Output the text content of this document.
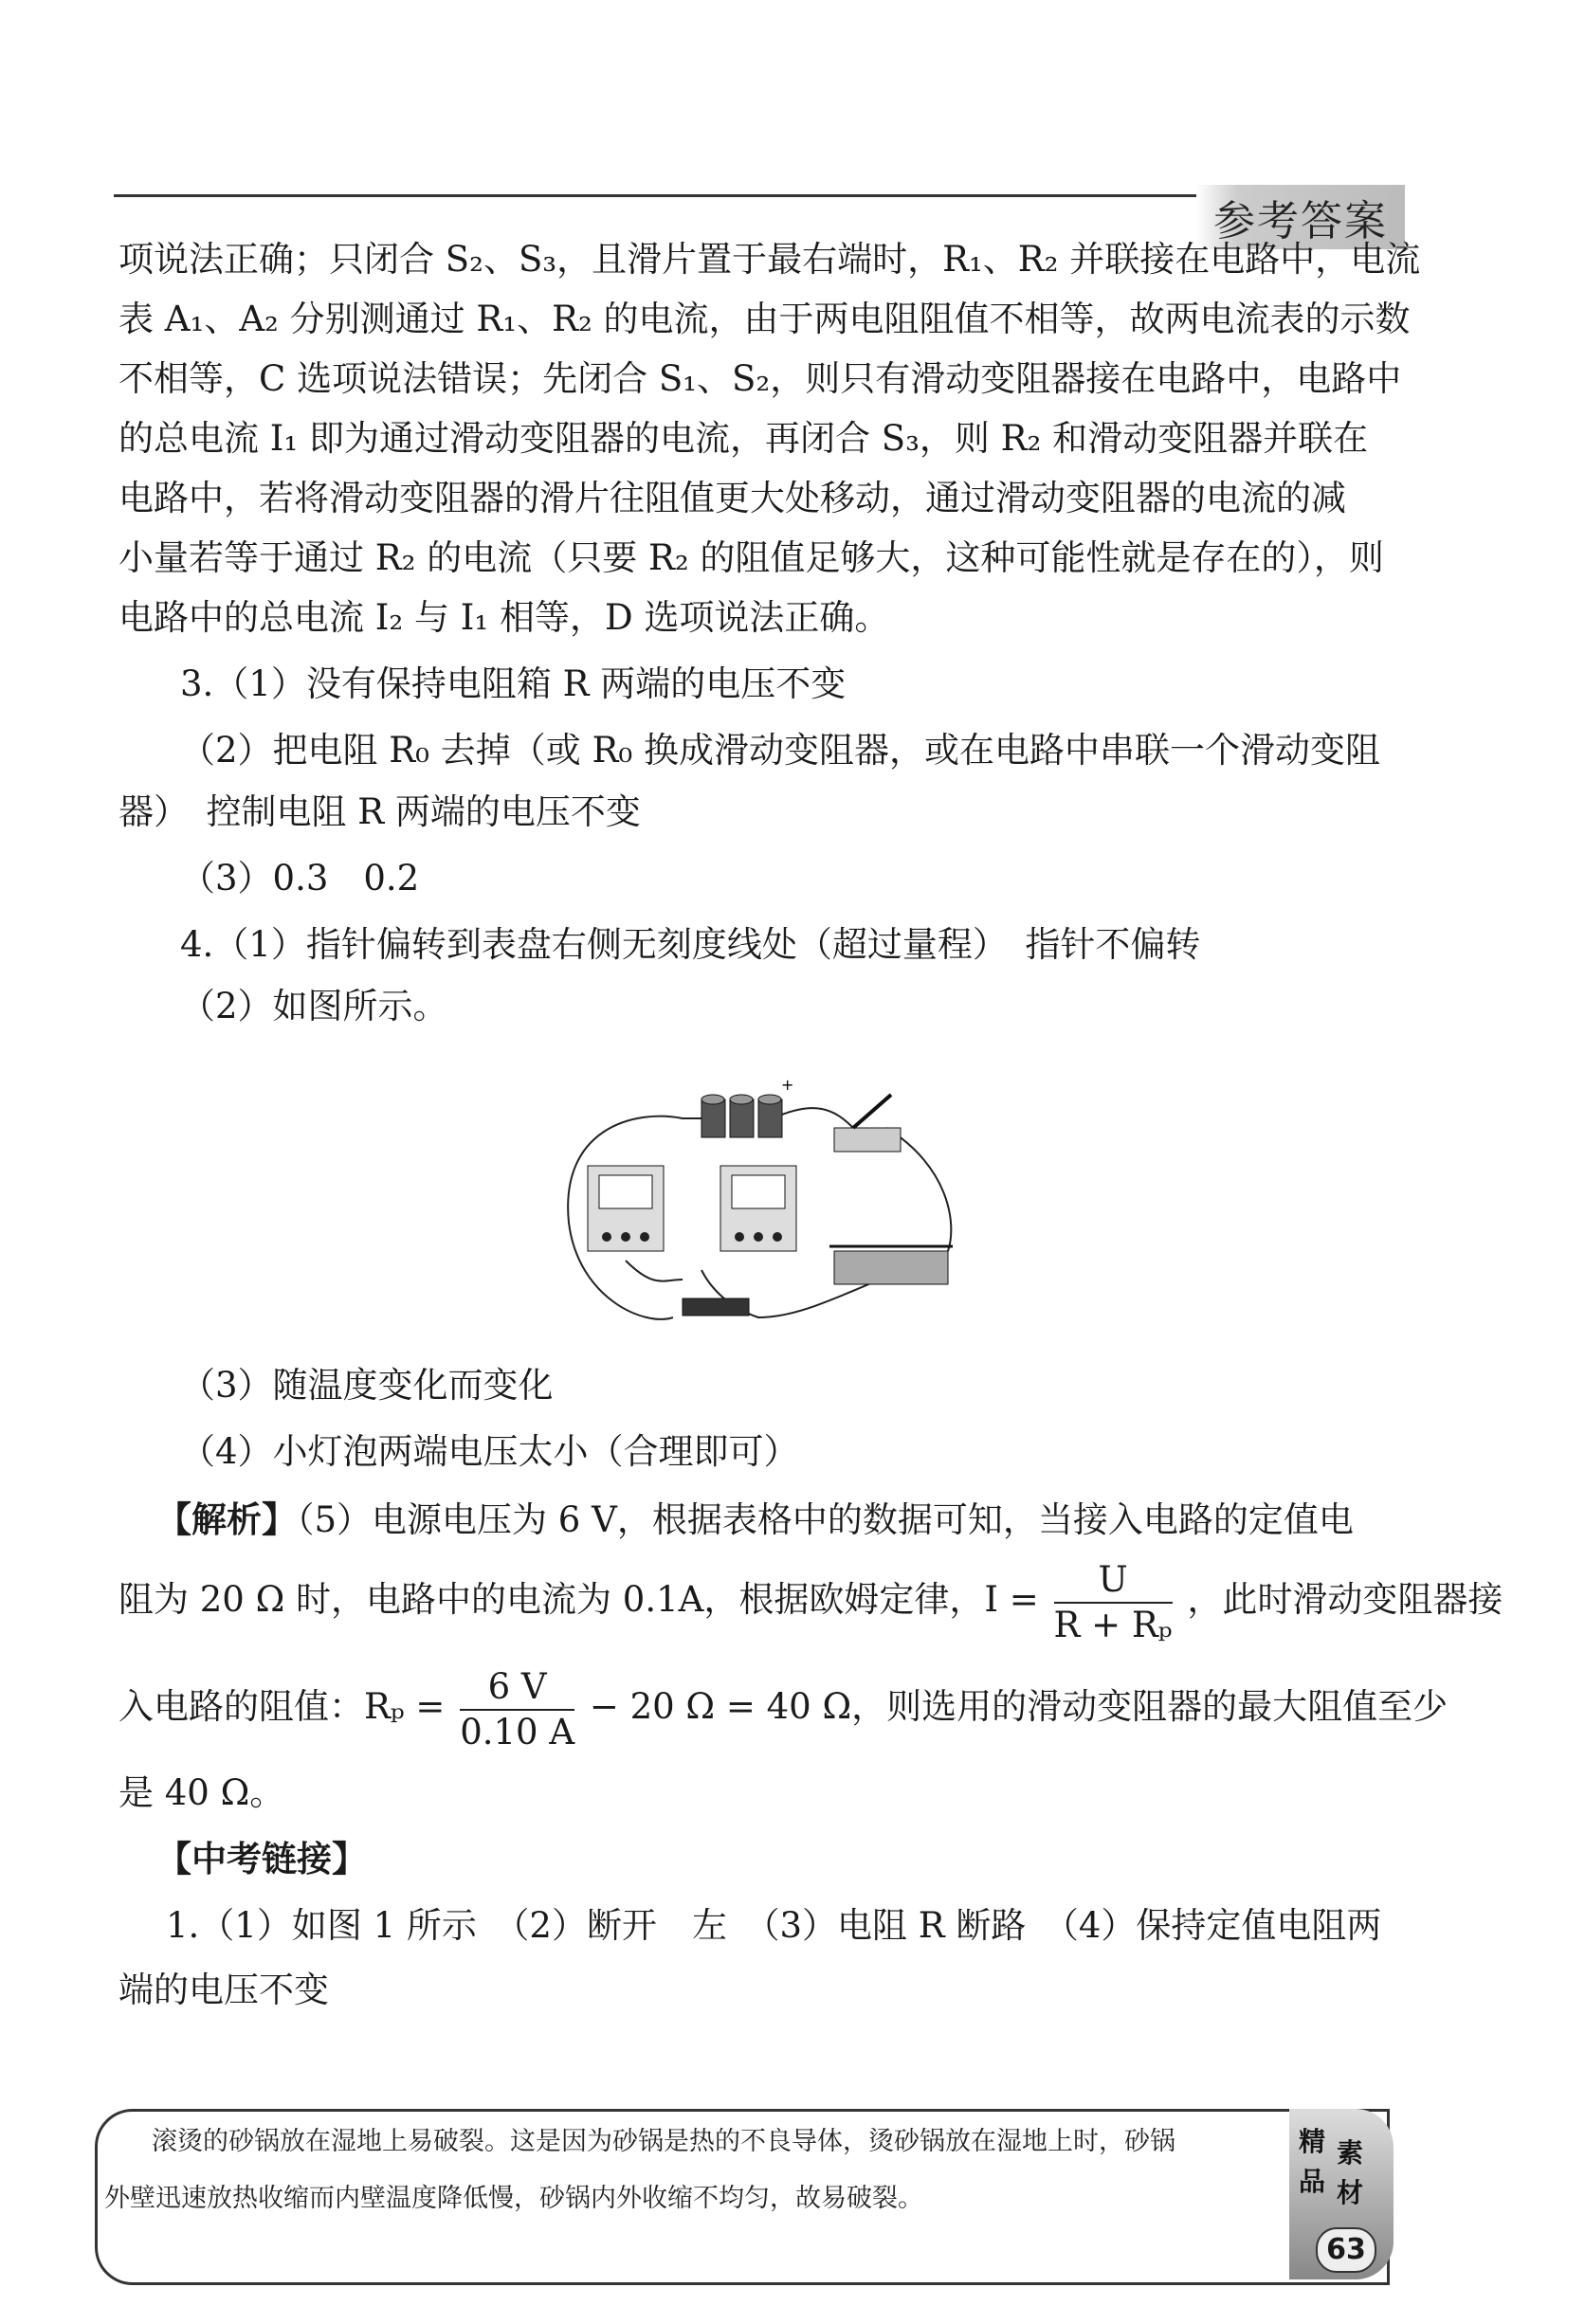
参考答案
项说法正确；只闭合 S₂、S₃，且滑片置于最右端时，R₁、R₂ 并联接在电路中，电流
表 A₁、A₂ 分别测通过 R₁、R₂ 的电流，由于两电阻阻值不相等，故两电流表的示数
不相等，C 选项说法错误；先闭合 S₁、S₂，则只有滑动变阻器接在电路中，电路中
的总电流 I₁ 即为通过滑动变阻器的电流，再闭合 S₃，则 R₂ 和滑动变阻器并联在
电路中，若将滑动变阻器的滑片往阻值更大处移动，通过滑动变阻器的电流的减
小量若等于通过 R₂ 的电流（只要 R₂ 的阻值足够大，这种可能性就是存在的），则
电路中的总电流 I₂ 与 I₁ 相等，D 选项说法正确。
3.（1）没有保持电阻箱 R 两端的电压不变
（2）把电阻 R₀ 去掉（或 R₀ 换成滑动变阻器，或在电路中串联一个滑动变阻
器）　控制电阻 R 两端的电压不变
（3）0.3　0.2
4.（1）指针偏转到表盘右侧无刻度线处（超过量程）　指针不偏转
（2）如图所示。
+
（3）随温度变化而变化
（4）小灯泡两端电压太小（合理即可）
【解析】（5）电源电压为 6 V，根据表格中的数据可知，当接入电路的定值电
阻为 20 Ω 时，电路中的电流为 0.1A，根据欧姆定律，$I = \frac{U}{\text{R + Rₚ}}$ ，此时滑动变阻器接
入电路的阻值：$R_p = \frac{6 V}{0.10 A} - 20$ Ω = 40 Ω，则选用的滑动变阻器的最大阻值至少
是 40 Ω。
【中考链接】
1.（1）如图 1 所示　（2）断开　左　（3）电阻 R 断路　（4）保持定值电阻两
端的电压不变
滚烫的砂锅放在湿地上易破裂。这是因为砂锅是热的不良导体，烫砂锅放在湿地上时，砂锅
外壁迅速放热收缩而内壁温度降低慢，砂锅内外收缩不均匀，故易破裂。
精
品
素
材
63
